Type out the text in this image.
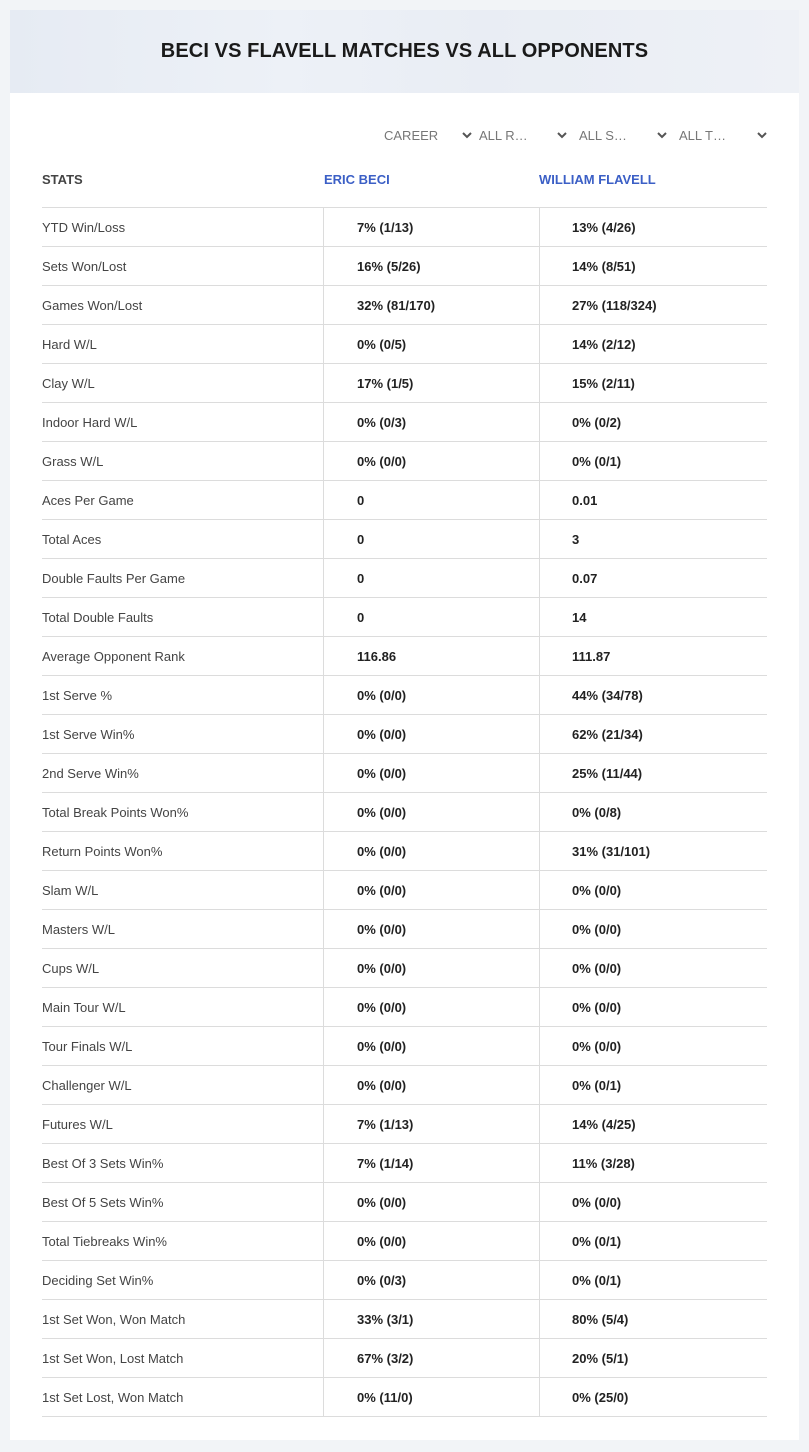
BECI VS FLAVELL MATCHES VS ALL OPPONENTS
CAREER	ALL R…	ALL S…	ALL T…
STATS	ERIC BECI	WILLIAM FLAVELL
YTD Win/Loss	7% (1/13)	13% (4/26)
Sets Won/Lost	16% (5/26)	14% (8/51)
Games Won/Lost	32% (81/170)	27% (118/324)
Hard W/L	0% (0/5)	14% (2/12)
Clay W/L	17% (1/5)	15% (2/11)
Indoor Hard W/L	0% (0/3)	0% (0/2)
Grass W/L	0% (0/0)	0% (0/1)
Aces Per Game	0	0.01
Total Aces	0	3
Double Faults Per Game	0	0.07
Total Double Faults	0	14
Average Opponent Rank	116.86	111.87
1st Serve %	0% (0/0)	44% (34/78)
1st Serve Win%	0% (0/0)	62% (21/34)
2nd Serve Win%	0% (0/0)	25% (11/44)
Total Break Points Won%	0% (0/0)	0% (0/8)
Return Points Won%	0% (0/0)	31% (31/101)
Slam W/L	0% (0/0)	0% (0/0)
Masters W/L	0% (0/0)	0% (0/0)
Cups W/L	0% (0/0)	0% (0/0)
Main Tour W/L	0% (0/0)	0% (0/0)
Tour Finals W/L	0% (0/0)	0% (0/0)
Challenger W/L	0% (0/0)	0% (0/1)
Futures W/L	7% (1/13)	14% (4/25)
Best Of 3 Sets Win%	7% (1/14)	11% (3/28)
Best Of 5 Sets Win%	0% (0/0)	0% (0/0)
Total Tiebreaks Win%	0% (0/0)	0% (0/1)
Deciding Set Win%	0% (0/3)	0% (0/1)
1st Set Won, Won Match	33% (3/1)	80% (5/4)
1st Set Won, Lost Match	67% (3/2)	20% (5/1)
1st Set Lost, Won Match	0% (11/0)	0% (25/0)
